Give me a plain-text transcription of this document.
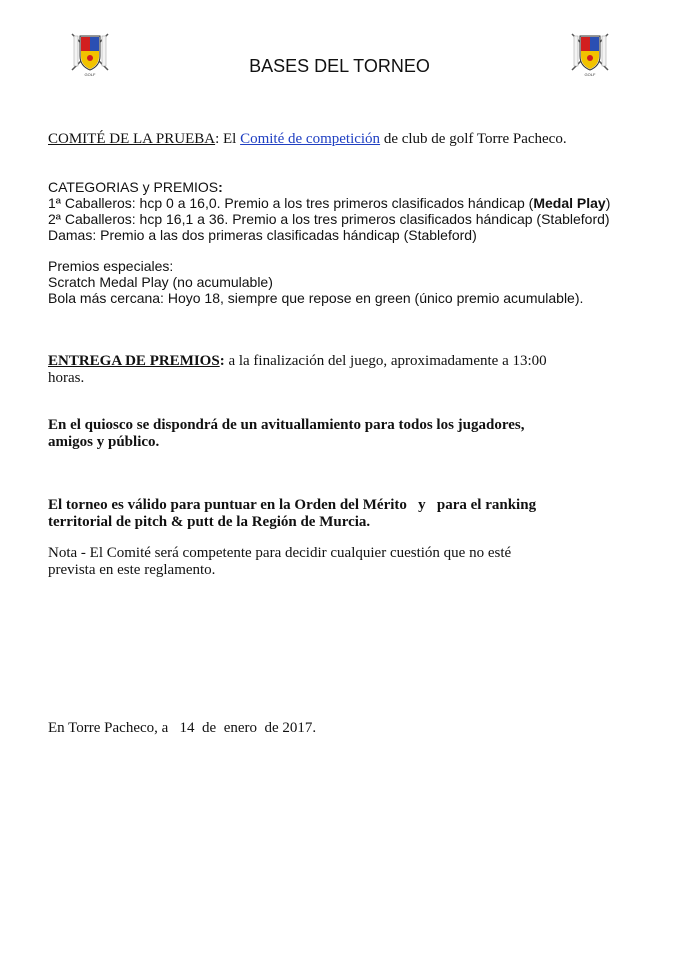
GOLF	GOLF
BASES DEL TORNEO
COMITÉ DE LA PRUEBA: El Comité de competición de club de golf Torre Pacheco.
CATEGORIAS y PREMIOS:
1ª Caballeros: hcp 0 a 16,0. Premio a los tres primeros clasificados hándicap (Medal Play)
2ª Caballeros: hcp 16,1 a 36. Premio a los tres primeros clasificados hándicap (Stableford)
Damas: Premio a las dos primeras clasificadas hándicap (Stableford)
Premios especiales:
Scratch Medal Play (no acumulable)
Bola más cercana: Hoyo 18, siempre que repose en green (único premio acumulable).
ENTREGA DE PREMIOS: a la finalización del juego, aproximadamente a 13:00
horas.
En el quiosco se dispondrá de un avituallamiento para todos los jugadores,
amigos y público.
El torneo es válido para puntuar en la Orden del Mérito   y   para el ranking
territorial de pitch & putt de la Región de Murcia.
Nota - El Comité será competente para decidir cualquier cuestión que no esté
prevista en este reglamento.
En Torre Pacheco, a   14  de  enero  de 2017.
